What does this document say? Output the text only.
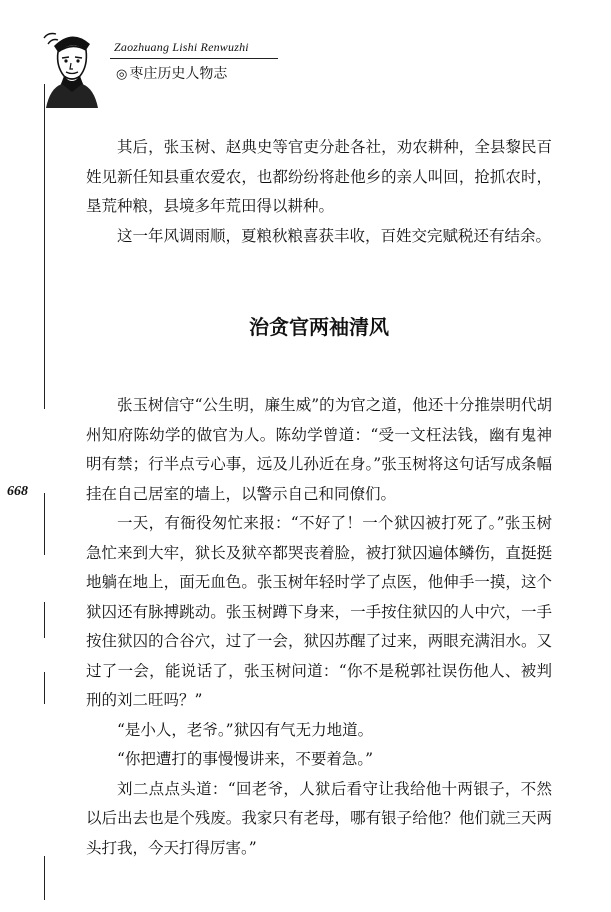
Zaozhuang Lishi Renwuzhi
◎ 枣庄历史人物志
668

其后，张玉树、赵典史等官吏分赴各社，劝农耕种，全县黎民百姓见新任知县重农爱农，也都纷纷将赴他乡的亲人叫回，抢抓农时，垦荒种粮，县境多年荒田得以耕种。

这一年风调雨顺，夏粮秋粮喜获丰收，百姓交完赋税还有结余。

治贪官两袖清风

张玉树信守“公生明，廉生威”的为官之道，他还十分推崇明代胡州知府陈幼学的做官为人。陈幼学曾道：“受一文枉法钱，幽有鬼神明有禁；行半点亏心事，远及儿孙近在身。”张玉树将这句话写成条幅挂在自己居室的墙上，以警示自己和同僚们。

一天，有衙役匆忙来报：“不好了！一个狱囚被打死了。”张玉树急忙来到大牢，狱长及狱卒都哭丧着脸，被打狱囚遍体鳞伤，直挺挺地躺在地上，面无血色。张玉树年轻时学了点医，他伸手一摸，这个狱囚还有脉搏跳动。张玉树蹲下身来，一手按住狱囚的人中穴，一手按住狱囚的合谷穴，过了一会，狱囚苏醒了过来，两眼充满泪水。又过了一会，能说话了，张玉树问道：“你不是税郭社误伤他人、被判刑的刘二旺吗？”

“是小人，老爷。”狱囚有气无力地道。

“你把遭打的事慢慢讲来，不要着急。”

刘二点点头道：“回老爷，人狱后看守让我给他十两银子，不然以后出去也是个残废。我家只有老母，哪有银子给他？他们就三天两头打我，今天打得厉害。”
